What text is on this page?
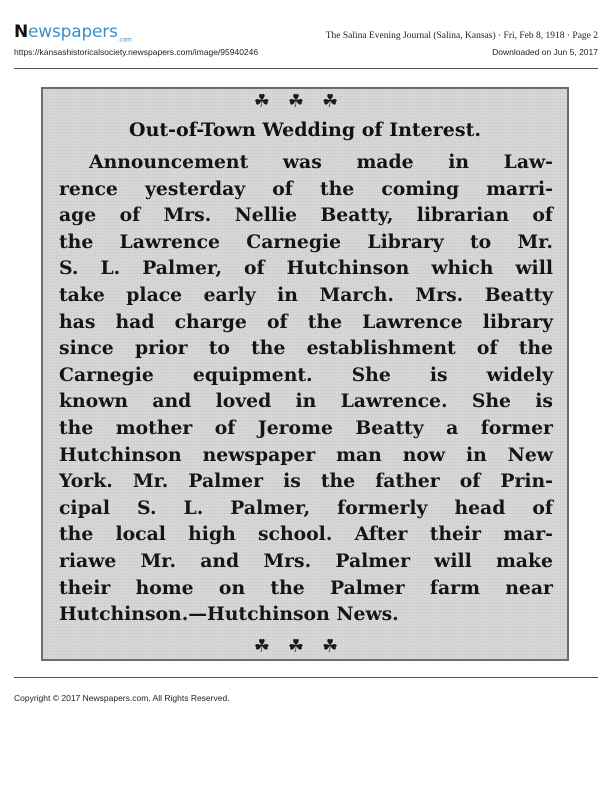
Newspapers$_{.com}$	The Salina Evening Journal (Salina, Kansas) · Fri, Feb 8, 1918 · Page 2
https://kansashistoricalsociety.newspapers.com/image/95940246	Downloaded on Jun 5, 2017
☘☘☘
Out-of-Town Wedding of Interest.
Announcement was made in Law-
rence yesterday of the coming marri-
age of Mrs. Nellie Beatty, librarian of
the Lawrence Carnegie Library to Mr.
S. L. Palmer, of Hutchinson which will
take place early in March. Mrs. Beatty
has had charge of the Lawrence library
since prior to the establishment of the
Carnegie equipment. She is widely
known and loved in Lawrence. She is
the mother of Jerome Beatty a former
Hutchinson newspaper man now in New
York. Mr. Palmer is the father of Prin-
cipal S. L. Palmer, formerly head of
the local high school. After their mar-
riawe Mr. and Mrs. Palmer will make
their home on the Palmer farm near
Hutchinson.—Hutchinson News.
☘☘☘
Copyright © 2017 Newspapers.com. All Rights Reserved.
